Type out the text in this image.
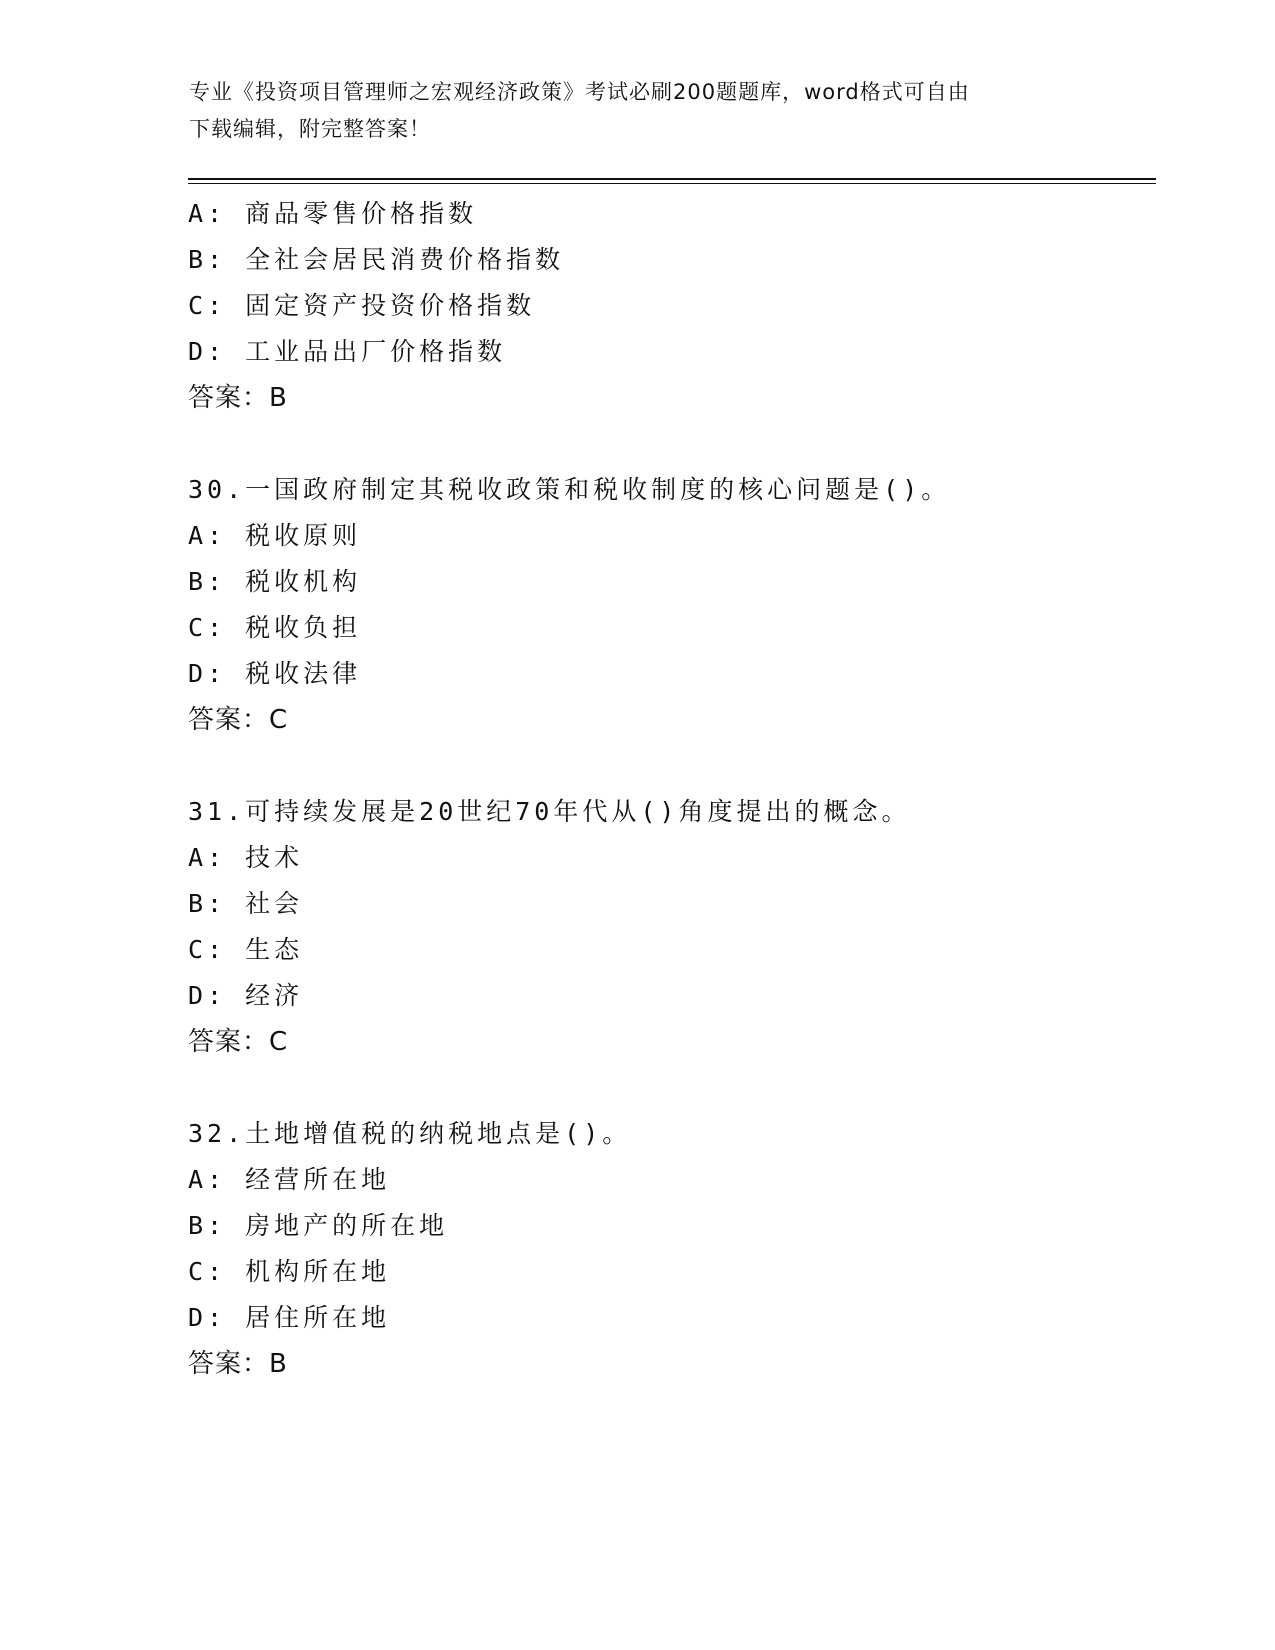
专业《投资项目管理师之宏观经济政策》考试必刷200题题库，word格式可自由
下载编辑，附完整答案！
A: 商品零售价格指数
B: 全社会居民消费价格指数
C: 固定资产投资价格指数
D: 工业品出厂价格指数
答案：B
30.一国政府制定其税收政策和税收制度的核心问题是()。
A: 税收原则
B: 税收机构
C: 税收负担
D: 税收法律
答案：C
31.可持续发展是20世纪70年代从()角度提出的概念。
A: 技术
B: 社会
C: 生态
D: 经济
答案：C
32.土地增值税的纳税地点是()。
A: 经营所在地
B: 房地产的所在地
C: 机构所在地
D: 居住所在地
答案：B
